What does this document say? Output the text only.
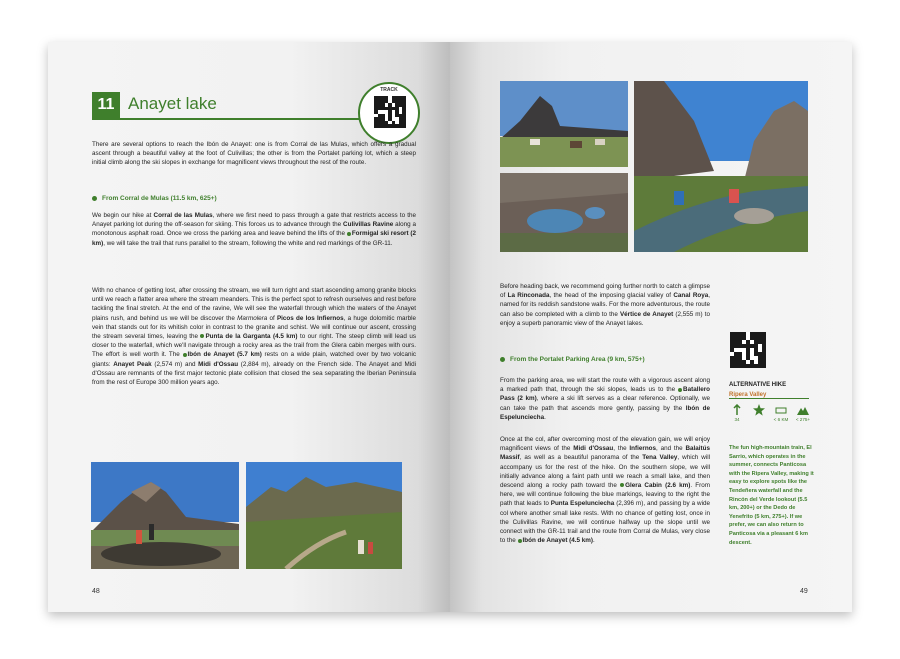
11 Anayet lake
TRACK
There are several options to reach the Ibón de Anayet: one is from Corral de las Mulas, which offers a gradual ascent through a beautiful valley at the foot of Culivillas; the other is from the Portalet parking lot, which a steep initial climb along the ski slopes in exchange for magnificent views throughout the rest of the route.
From Corral de Mulas (11.5 km, 625+)
We begin our hike at Corral de las Mulas, where we first need to pass through a gate that restricts access to the Anayet parking lot during the off-season for skiing. This forces us to advance through the Culivillas Ravine along a monotonous asphalt road. Once we cross the parking area and leave behind the lifts of the Formigal ski resort (2 km), we will take the trail that runs parallel to the stream, following the white and red markings of the GR-11.
With no chance of getting lost, after crossing the stream, we will turn right and start ascending among granite blocks until we reach a flatter area where the stream meanders. This is the perfect spot to refresh ourselves and rest before tackling the final stretch. At the end of the ravine, We will see the waterfall through which the waters of the Anayet plains rush, and behind us we will be discover the Marmolera of Picos de los Infiernos, a huge dolomitic marble vein that stands out for its whitish color in contrast to the granite and schist. We will continue our ascent, crossing the stream several times, leaving the Punta de la Garganta (4.5 km) to our right. The steep climb will lead us closer to the waterfall, which we'll navigate through a rocky area as the trail from the Glera cabin merges with ours. The effort is well worth it. The Ibón de Anayet (5.7 km) rests on a wide plain, watched over by two volcanic giants: Anayet Peak (2,574 m) and Midi d'Ossau (2,884 m), already on the French side. The Anayet and Midi d'Ossau are remnants of the first major tectonic plate collision that closed the sea separating the Iberian Peninsula from the rest of Europe 300 million years ago.
48
Before heading back, we recommend going further north to catch a glimpse of La Rinconada, the head of the imposing glacial valley of Canal Roya, named for its reddish sandstone walls. For the more adventurous, the route can also be completed with a climb to the Vértice de Anayet (2,555 m) to enjoy a superb panoramic view of the Anayet lakes.
From the Portalet Parking Area (9 km, 575+)
From the parking area, we will start the route with a vigorous ascent along a marked path that, through the ski slopes, leads us to the Batallero Pass (2 km), where a ski lift serves as a clear reference. Optionally, we can take the path that ascends more gently, passing by the Ibón de Espelunciecha.
Once at the col, after overcoming most of the elevation gain, we will enjoy magnificent views of the Midi d'Ossau, the Infiernos, and the Balaitús Massif, as well as a beautiful panorama of the Tena Valley, which will accompany us for the rest of the hike. On the southern slope, we will initially advance along a faint path until we reach a small lake, and then descend along a rocky path toward the Glera Cabin (2.6 km). From here, we will continue following the blue markings, leaving to the right the path that leads to Punta Espelunciecha (2,396 m), and passing by a wide col where another small lake rests. With no chance of getting lost, once in the Culivillas Ravine, we will continue halfway up the slope until we connect with the GR-11 trail and the route from Corral de Mulas, very close to the Ibón de Anayet (4.5 km).
ALTERNATIVE HIKE
Ripera Valley
34	< 6 KM < 275+
The fun high-mountain train, El Sarrio, which operates in the summer, connects Panticosa with the Ripera Valley, making it easy to explore spots like the Tendeñera waterfall and the Rincón del Verde lookout (5.5 km, 200+) or the Dedo de Yenefrito (5 km, 275+). If we prefer, we can also return to Panticosa via a pleasant 6 km descent.
49
